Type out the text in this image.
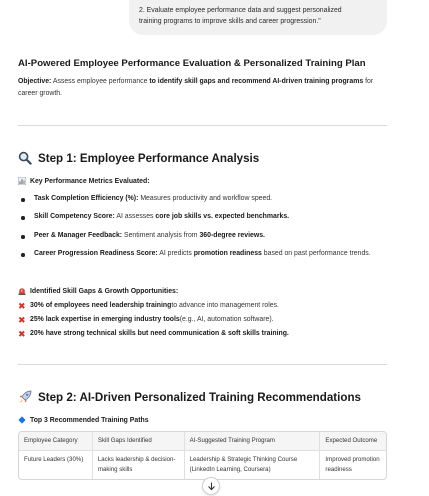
2. Evaluate employee performance data and suggest personalized
training programs to improve skills and career progression."
AI-Powered Employee Performance Evaluation & Personalized Training Plan
Objective: Assess employee performance to identify skill gaps and recommend AI-driven training programs for career growth.
Step 1: Employee Performance Analysis
Key Performance Metrics Evaluated:
Task Completion Efficiency (%): Measures productivity and workflow speed.
Skill Competency Score: AI assesses core job skills vs. expected benchmarks.
Peer & Manager Feedback: Sentiment analysis from 360-degree reviews.
Career Progression Readiness Score: AI predicts promotion readiness based on past performance trends.
Identified Skill Gaps & Growth Opportunities:
✖ 30% of employees need leadership training to advance into management roles.
✖ 25% lack expertise in emerging industry tools (e.g., AI, automation software).
✖ 20% have strong technical skills but need communication & soft skills training.
Step 2: AI-Driven Personalized Training Recommendations
Top 3 Recommended Training Paths
Employee Category	Skill Gaps Identified	AI-Suggested Training Program	Expected Outcome
Future Leaders (30%)	Lacks leadership & decision-making skills	Leadership & Strategic Thinking Course (LinkedIn Learning, Coursera)	Improved promotion readiness
